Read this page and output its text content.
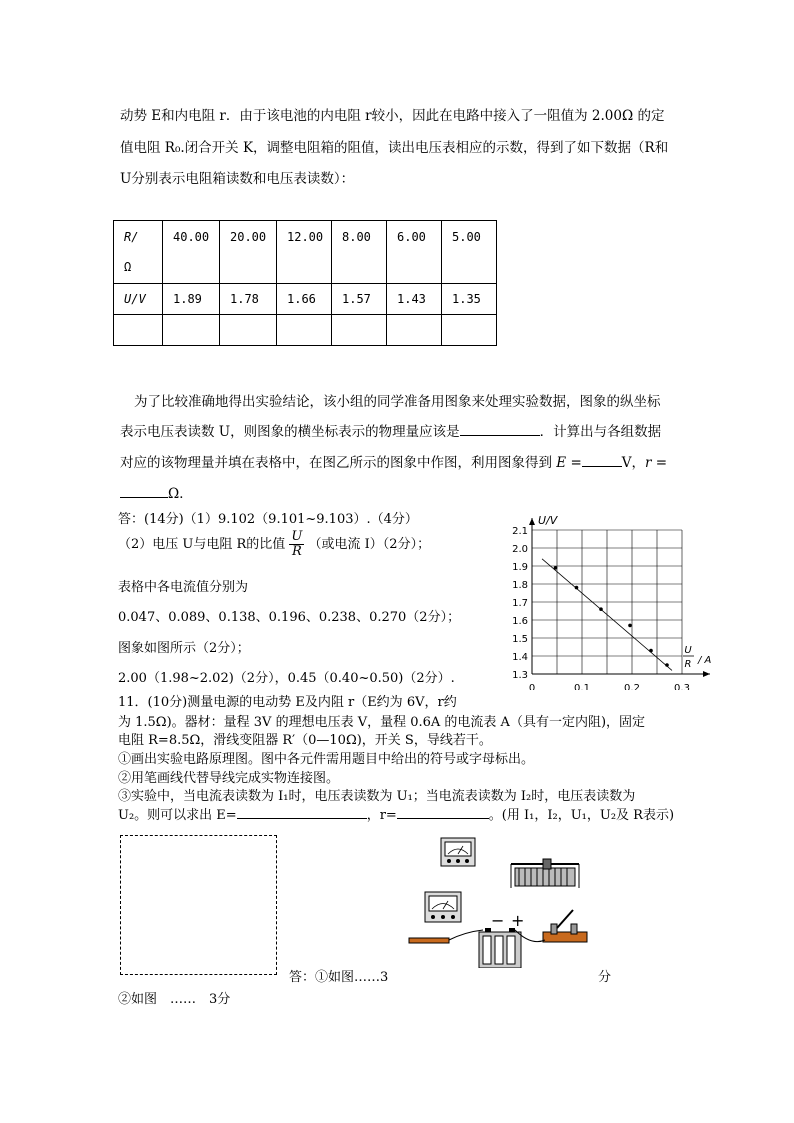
动势 E和内电阻 r．由于该电池的内电阻 r较小，因此在电路中接入了一阻值为 2.00Ω 的定
值电阻 R₀.闭合开关 K，调整电阻箱的阻值，读出电压表相应的示数，得到了如下数据（R和
U分别表示电阻箱读数和电压表读数）：
R/
Ω	40.00	20.00	12.00	8.00	6.00	5.00
U/V	1.89	1.78	1.66	1.57	1.43	1.35

为了比较准确地得出实验结论，该小组的同学准备用图象来处理实验数据，图象的纵坐标
表示电压表读数 U，则图象的横坐标表示的物理量应该是	．计算出与各组数据
对应的该物理量并填在表格中，在图乙所示的图象中作图，利用图象得到 E =	V，r =
Ω．
答：(14分)（1）9.102（9.101~9.103）.（4分）
（2）电压 U与电阻 R的比值 $\frac{U}{R}$ （或电流 I）（2分）；
表格中各电流值分别为
0.047、0.089、0.138、0.196、0.238、0.270（2分）；
图象如图所示（2分）；
2.00（1.98~2.02)（2分），0.45（0.40~0.50)（2分）.
2.1
2.0
1.9
1.8
1.7
1.6
1.5
1.4
1.3
0	0.1	0.2	0.3
U/V
U
R / A
11．(10分)测量电源的电动势 E及内阻 r（E约为 6V，r约
为 1.5Ω)。器材：量程 3V 的理想电压表 V，量程 0.6A 的电流表 A（具有一定内阻)，固定
电阻 R=8.5Ω，滑线变阻器 R′（0—10Ω)，开关 S，导线若干。
①画出实验电路原理图。图中各元件需用题目中给出的符号或字母标出。
②用笔画线代替导线完成实物连接图。
③实验中，当电流表读数为 I₁时，电压表读数为 U₁；当电流表读数为 I₂时，电压表读数为
U₂。则可以求出 E=	，r=	。(用 I₁，I₂，U₁，U₂及 R表示)
答：①如图……3	分
②如图　……　3分
− +
